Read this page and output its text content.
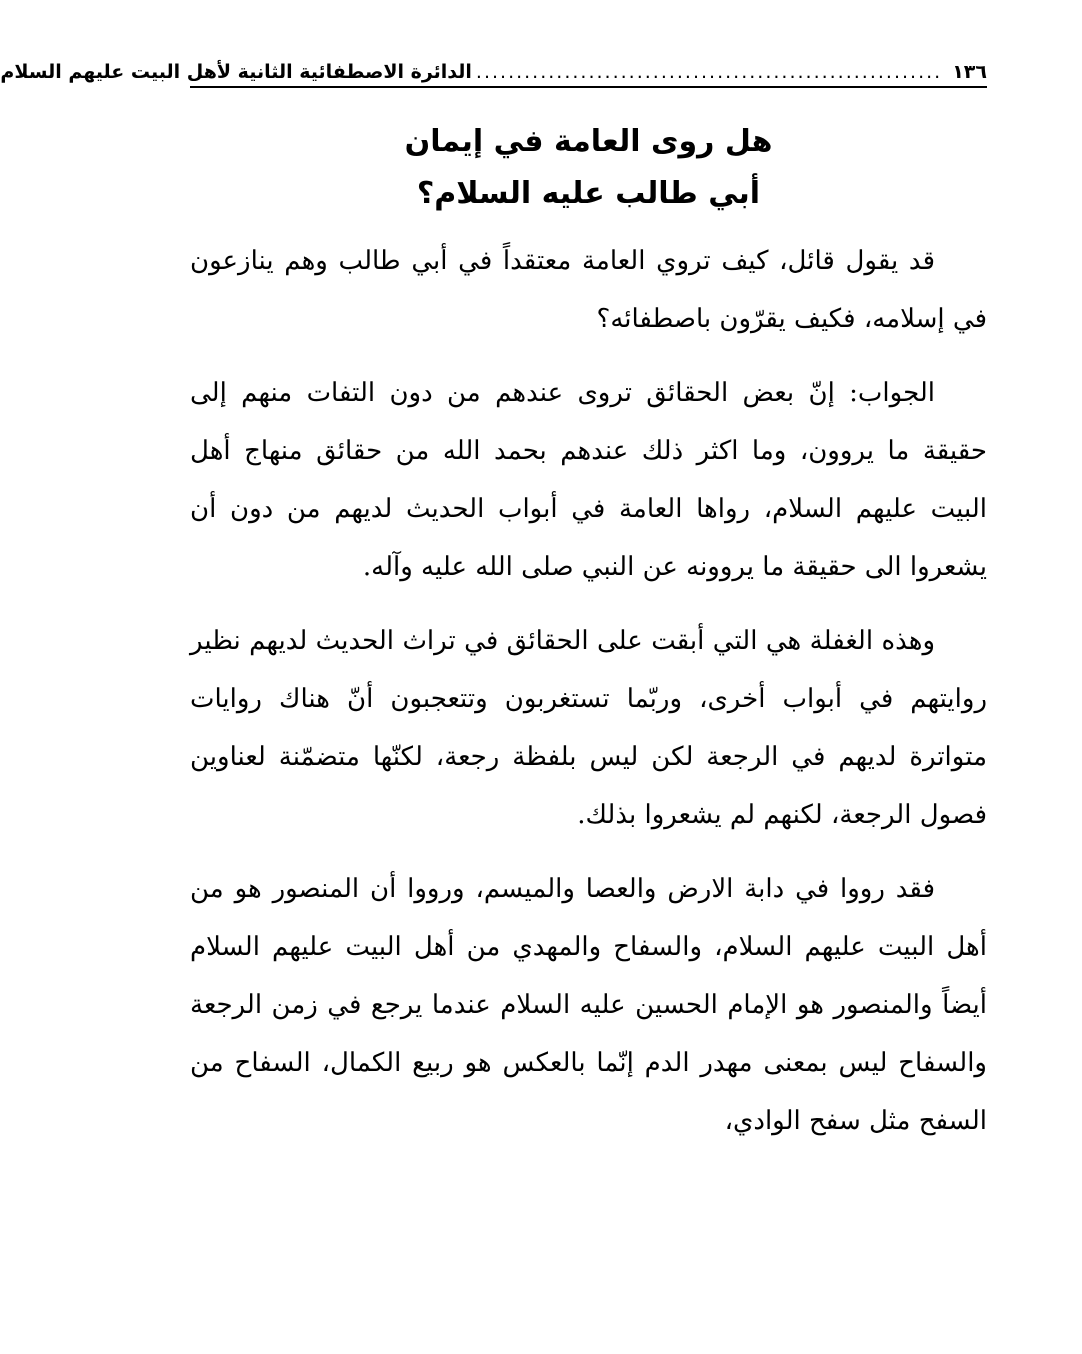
١٣٦
..........................................................
الدائرة الاصطفائية الثانية لأهل البيت عليهم السلام
هل روى العامة في إيمان
أبي طالب عليه السلام؟

قد يقول قائل، كيف تروي العامة معتقداً في أبي طالب وهم ينازعون في إسلامه، فكيف يقرّون باصطفائه؟

الجواب: إنّ بعض الحقائق تروى عندهم من دون التفات منهم إلى حقيقة ما يروون، وما اكثر ذلك عندهم بحمد الله من حقائق منهاج أهل البيت عليهم السلام، رواها العامة في أبواب الحديث لديهم من دون أن يشعروا الى حقيقة ما يروونه عن النبي صلى الله عليه وآله.

وهذه الغفلة هي التي أبقت على الحقائق في تراث الحديث لديهم نظير روايتهم في أبواب أخرى، وربّما تستغربون وتتعجبون أنّ هناك روايات متواترة لديهم في الرجعة لكن ليس بلفظة رجعة، لكنّها متضمّنة لعناوين فصول الرجعة، لكنهم لم يشعروا بذلك.

فقد رووا في دابة الارض والعصا والميسم، ورووا أن المنصور هو من أهل البيت عليهم السلام، والسفاح والمهدي من أهل البيت عليهم السلام أيضاً والمنصور هو الإمام الحسين عليه السلام عندما يرجع في زمن الرجعة والسفاح ليس بمعنى مهدر الدم إنّما بالعكس هو ربيع الكمال، السفاح من السفح مثل سفح الوادي،
